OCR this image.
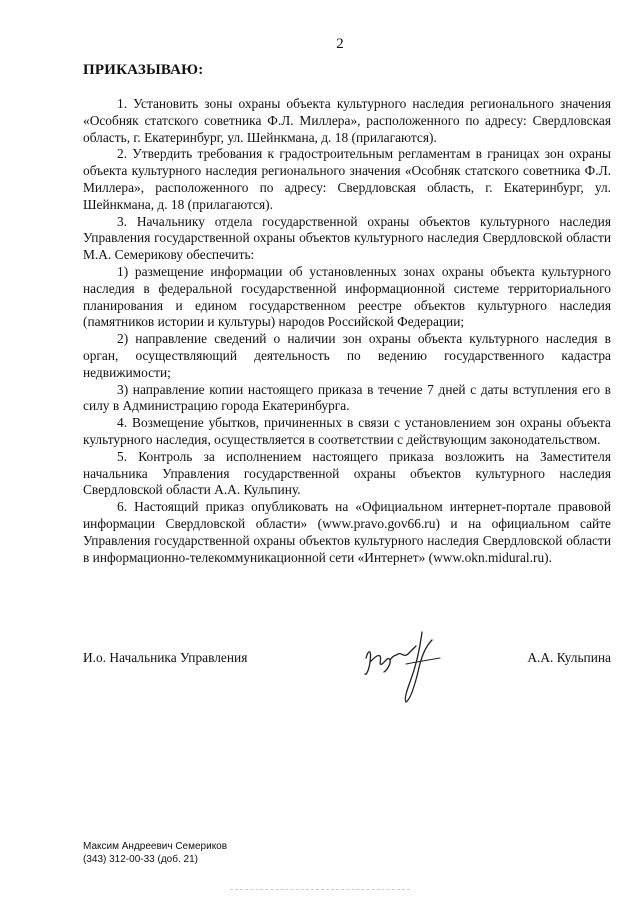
2
ПРИКАЗЫВАЮ:

1. Установить зоны охраны объекта культурного наследия регионального значения «Особняк статского советника Ф.Л. Миллера», расположенного по адресу: Свердловская область, г. Екатеринбург, ул. Шейнкмана, д. 18 (прилагаются).

2. Утвердить требования к градостроительным регламентам в границах зон охраны объекта культурного наследия регионального значения «Особняк статского советника Ф.Л. Миллера», расположенного по адресу: Свердловская область, г. Екатеринбург, ул. Шейнкмана, д. 18 (прилагаются).

3. Начальнику отдела государственной охраны объектов культурного наследия Управления государственной охраны объектов культурного наследия Свердловской области М.А. Семерикову обеспечить:

1) размещение информации об установленных зонах охраны объекта культурного наследия в федеральной государственной информационной системе территориального планирования и едином государственном реестре объектов культурного наследия (памятников истории и культуры) народов Российской Федерации;

2) направление сведений о наличии зон охраны объекта культурного наследия в орган, осуществляющий деятельность по ведению государственного кадастра недвижимости;

3) направление копии настоящего приказа в течение 7 дней с даты вступления его в силу в Администрацию города Екатеринбурга.

4. Возмещение убытков, причиненных в связи с установлением зон охраны объекта культурного наследия, осуществляется в соответствии с действующим законодательством.

5. Контроль за исполнением настоящего приказа возложить на Заместителя начальника Управления государственной охраны объектов культурного наследия Свердловской области А.А. Кульпину.

6. Настоящий приказ опубликовать на «Официальном интернет-портале правовой информации Свердловской области» (www.pravo.gov66.ru) и на официальном сайте Управления государственной охраны объектов культурного наследия Свердловской области в информационно-телекоммуникационной сети «Интернет» (www.okn.midural.ru).

И.о. Начальника Управления	А.А. Кульпина
Максим Андреевич Семериков
(343) 312-00-33 (доб. 21)
